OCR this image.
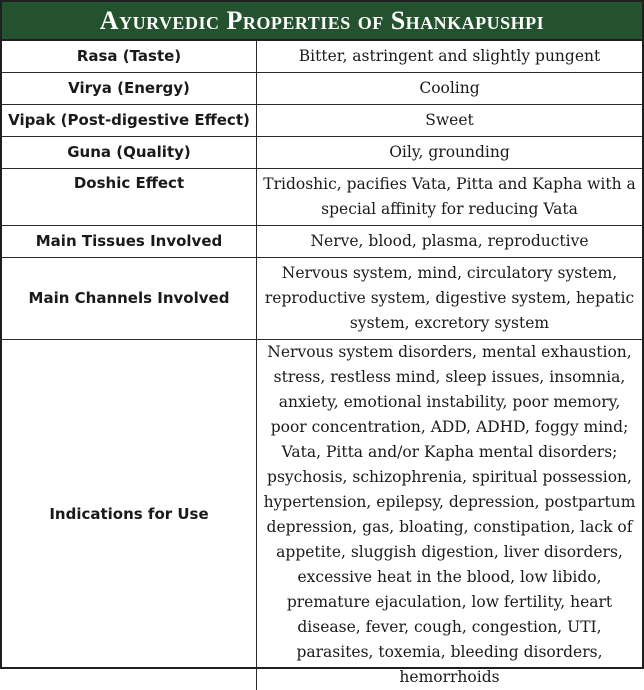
Ayurvedic Properties of Shankapushpi
Rasa (Taste)	Bitter, astringent and slightly pungent
Virya (Energy)	Cooling
Vipak (Post-digestive Effect)	Sweet
Guna (Quality)	Oily, grounding
Doshic Effect	Tridoshic, pacifies Vata, Pitta and Kapha with a special affinity for reducing Vata
Main Tissues Involved	Nerve, blood, plasma, reproductive
Main Channels Involved	Nervous system, mind, circulatory system, reproductive system, digestive system, hepatic system, excretory system
Indications for Use	Nervous system disorders, mental exhaustion, stress, restless mind, sleep issues, insomnia, anxiety, emotional instability, poor memory, poor concentration, ADD, ADHD, foggy mind; Vata, Pitta and/or Kapha mental disorders; psychosis, schizophrenia, spiritual possession, hypertension, epilepsy, depression, postpartum depression, gas, bloating, constipation, lack of appetite, sluggish digestion, liver disorders, excessive heat in the blood, low libido, premature ejaculation, low fertility, heart disease, fever, cough, congestion, UTI, parasites, toxemia, bleeding disorders, hemorrhoids
